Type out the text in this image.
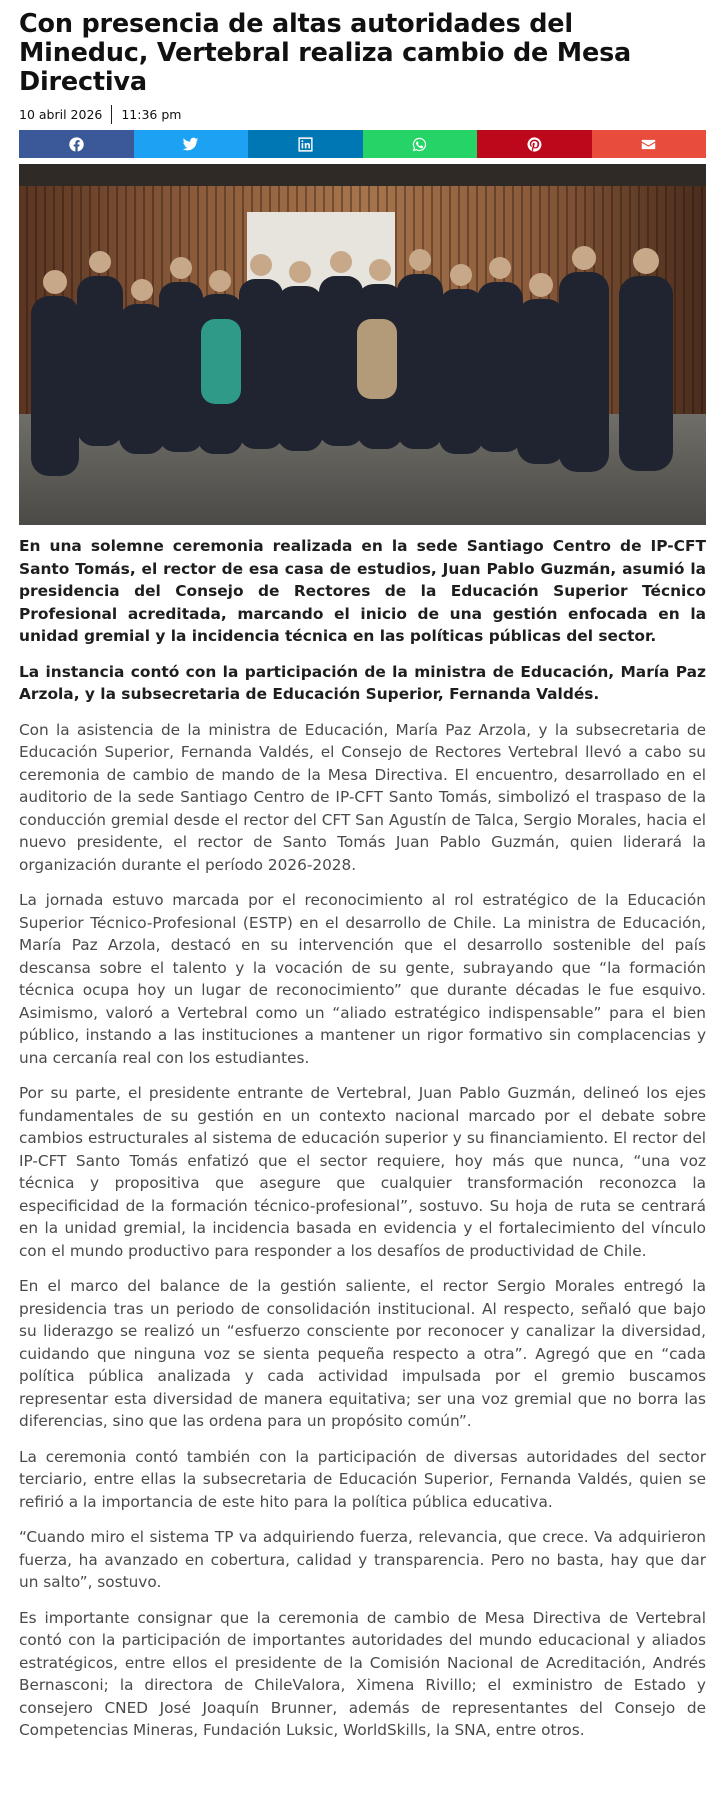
Con presencia de altas autoridades del Mineduc, Vertebral realiza cambio de Mesa Directiva
10 abril 2026 11:36 pm

En una solemne ceremonia realizada en la sede Santiago Centro de IP-CFT Santo Tomás, el rector de esa casa de estudios, Juan Pablo Guzmán, asumió la presidencia del Consejo de Rectores de la Educación Superior Técnico Profesional acreditada, marcando el inicio de una gestión enfocada en la unidad gremial y la incidencia técnica en las políticas públicas del sector.

La instancia contó con la participación de la ministra de Educación, María Paz Arzola, y la subsecretaria de Educación Superior, Fernanda Valdés.

Con la asistencia de la ministra de Educación, María Paz Arzola, y la subsecretaria de Educación Superior, Fernanda Valdés, el Consejo de Rectores Vertebral llevó a cabo su ceremonia de cambio de mando de la Mesa Directiva. El encuentro, desarrollado en el auditorio de la sede Santiago Centro de IP-CFT Santo Tomás, simbolizó el traspaso de la conducción gremial desde el rector del CFT San Agustín de Talca, Sergio Morales, hacia el nuevo presidente, el rector de Santo Tomás Juan Pablo Guzmán, quien liderará la organización durante el período 2026-2028.

La jornada estuvo marcada por el reconocimiento al rol estratégico de la Educación Superior Técnico-Profesional (ESTP) en el desarrollo de Chile. La ministra de Educación, María Paz Arzola, destacó en su intervención que el desarrollo sostenible del país descansa sobre el talento y la vocación de su gente, subrayando que “la formación técnica ocupa hoy un lugar de reconocimiento” que durante décadas le fue esquivo. Asimismo, valoró a Vertebral como un “aliado estratégico indispensable” para el bien público, instando a las instituciones a mantener un rigor formativo sin complacencias y una cercanía real con los estudiantes.

Por su parte, el presidente entrante de Vertebral, Juan Pablo Guzmán, delineó los ejes fundamentales de su gestión en un contexto nacional marcado por el debate sobre cambios estructurales al sistema de educación superior y su financiamiento. El rector del IP-CFT Santo Tomás enfatizó que el sector requiere, hoy más que nunca, “una voz técnica y propositiva que asegure que cualquier transformación reconozca la especificidad de la formación técnico-profesional”, sostuvo. Su hoja de ruta se centrará en la unidad gremial, la incidencia basada en evidencia y el fortalecimiento del vínculo con el mundo productivo para responder a los desafíos de productividad de Chile.

En el marco del balance de la gestión saliente, el rector Sergio Morales entregó la presidencia tras un periodo de consolidación institucional. Al respecto, señaló que bajo su liderazgo se realizó un “esfuerzo consciente por reconocer y canalizar la diversidad, cuidando que ninguna voz se sienta pequeña respecto a otra”. Agregó que en “cada política pública analizada y cada actividad impulsada por el gremio buscamos representar esta diversidad de manera equitativa; ser una voz gremial que no borra las diferencias, sino que las ordena para un propósito común”.

La ceremonia contó también con la participación de diversas autoridades del sector terciario, entre ellas la subsecretaria de Educación Superior, Fernanda Valdés, quien se refirió a la importancia de este hito para la política pública educativa.

“Cuando miro el sistema TP va adquiriendo fuerza, relevancia, que crece. Va adquirieron fuerza, ha avanzado en cobertura, calidad y transparencia. Pero no basta, hay que dar un salto”, sostuvo.

Es importante consignar que la ceremonia de cambio de Mesa Directiva de Vertebral contó con la participación de importantes autoridades del mundo educacional y aliados estratégicos, entre ellos el presidente de la Comisión Nacional de Acreditación, Andrés Bernasconi; la directora de ChileValora, Ximena Rivillo; el exministro de Estado y consejero CNED José Joaquín Brunner, además de representantes del Consejo de Competencias Mineras, Fundación Luksic, WorldSkills, la SNA, entre otros.
